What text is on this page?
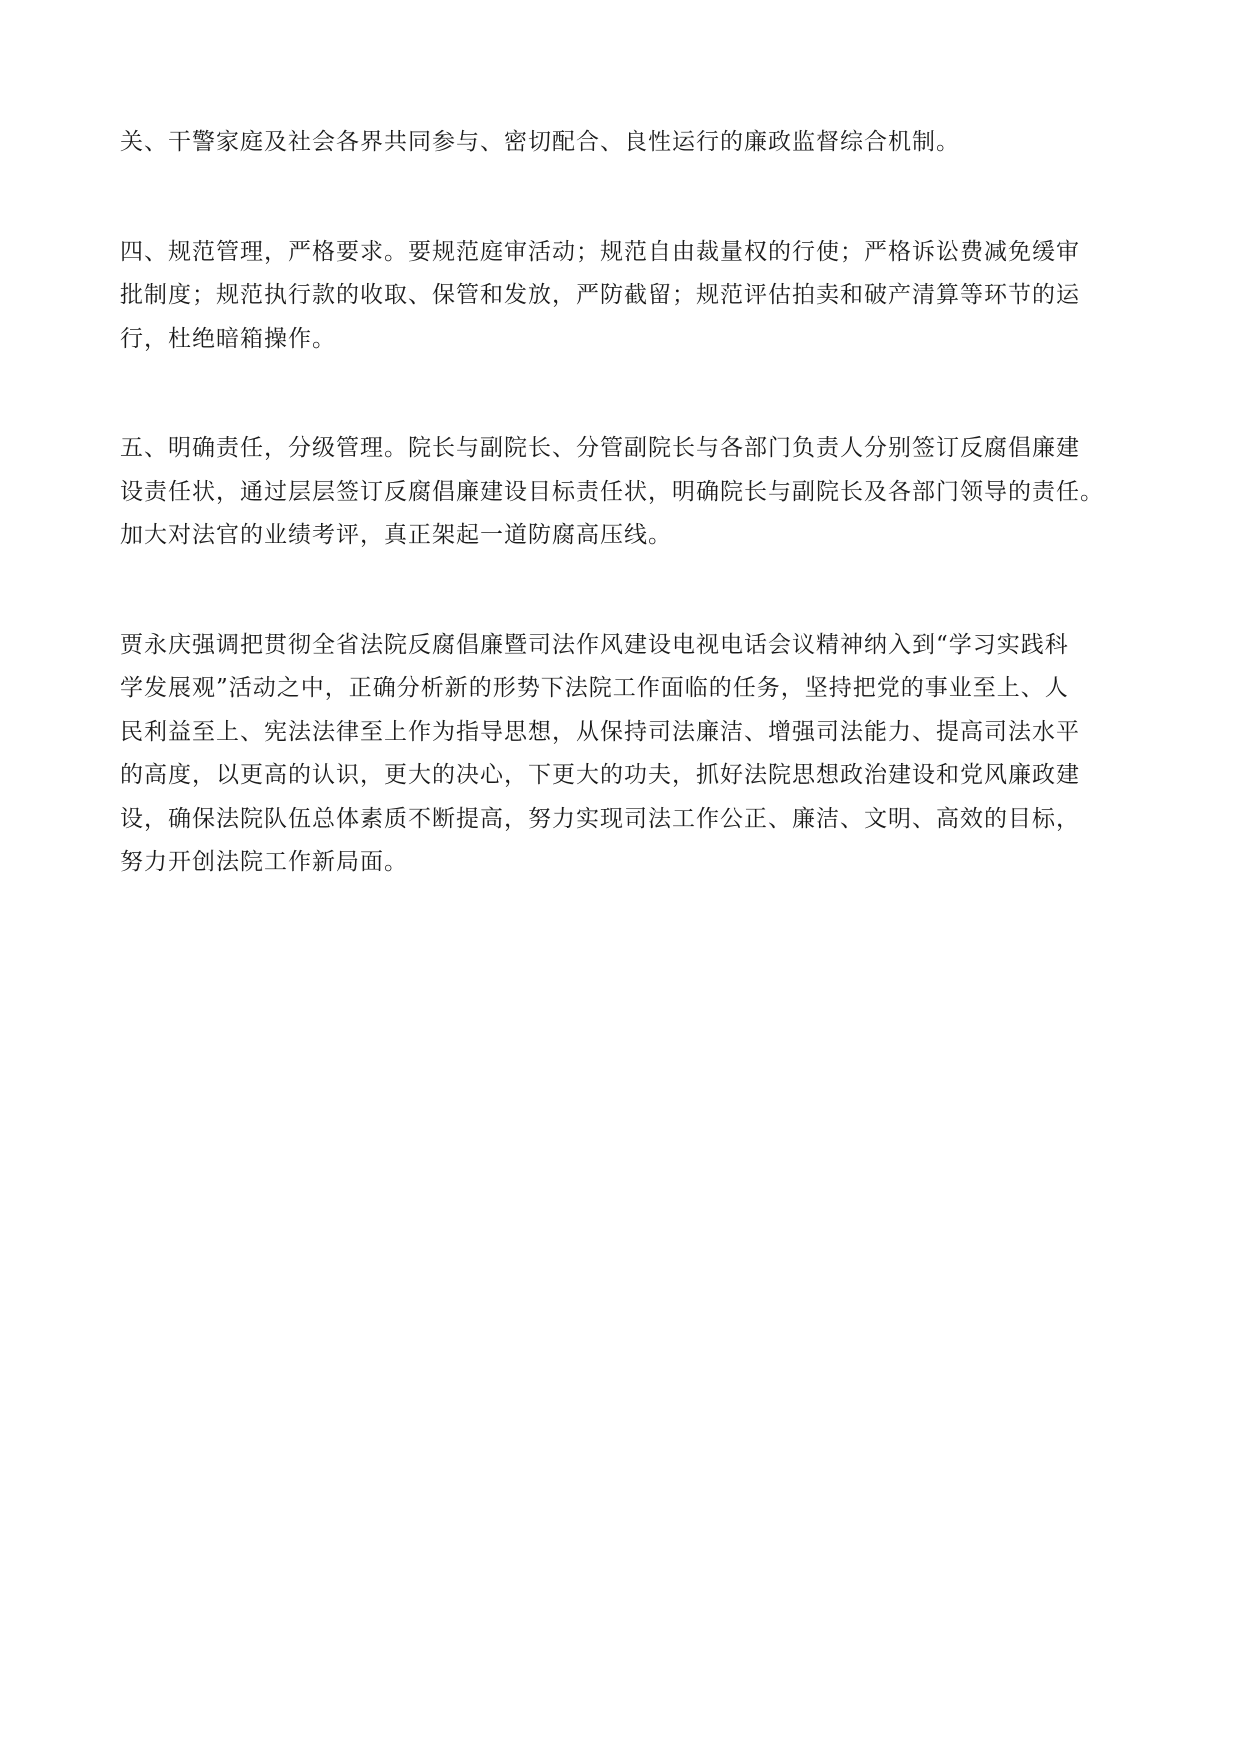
关、干警家庭及社会各界共同参与、密切配合、良性运行的廉政监督综合机制。

四、规范管理，严格要求。要规范庭审活动；规范自由裁量权的行使；严格诉讼费减免缓审
批制度；规范执行款的收取、保管和发放，严防截留；规范评估拍卖和破产清算等环节的运
行，杜绝暗箱操作。

五、明确责任，分级管理。院长与副院长、分管副院长与各部门负责人分别签订反腐倡廉建
设责任状，通过层层签订反腐倡廉建设目标责任状，明确院长与副院长及各部门领导的责任。
加大对法官的业绩考评，真正架起一道防腐高压线。

贾永庆强调把贯彻全省法院反腐倡廉暨司法作风建设电视电话会议精神纳入到“学习实践科
学发展观”活动之中，正确分析新的形势下法院工作面临的任务，坚持把党的事业至上、人
民利益至上、宪法法律至上作为指导思想，从保持司法廉洁、增强司法能力、提高司法水平
的高度，以更高的认识，更大的决心，下更大的功夫，抓好法院思想政治建设和党风廉政建
设，确保法院队伍总体素质不断提高，努力实现司法工作公正、廉洁、文明、高效的目标，
努力开创法院工作新局面。
